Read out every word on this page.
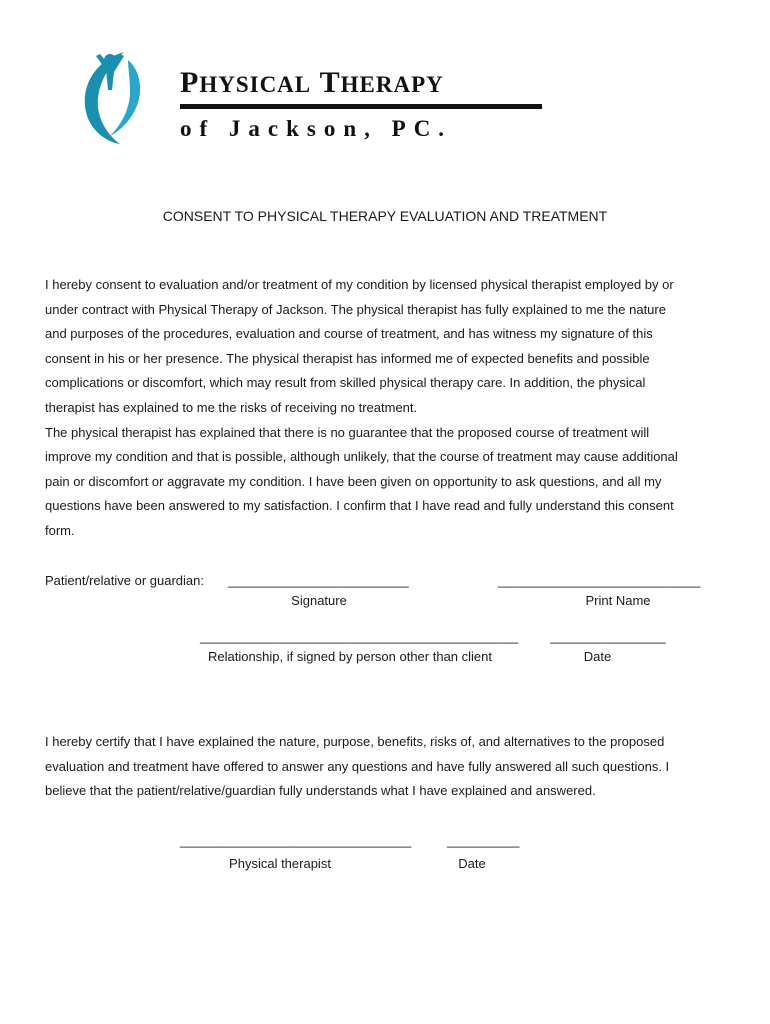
PHYSICAL THERAPY
of Jackson, PC.
CONSENT TO PHYSICAL THERAPY EVALUATION AND TREATMENT
I hereby consent to evaluation and/or treatment of my condition by licensed physical therapist employed by or
under contract with Physical Therapy of Jackson. The physical therapist has fully explained to me the nature
and purposes of the procedures, evaluation and course of treatment, and has witness my signature of this
consent in his or her presence. The physical therapist has informed me of expected benefits and possible
complications or discomfort, which may result from skilled physical therapy care. In addition, the physical
therapist has explained to me the risks of receiving no treatment.
The physical therapist has explained that there is no guarantee that the proposed course of treatment will
improve my condition and that is possible, although unlikely, that the course of treatment may cause additional
pain or discomfort or aggravate my condition. I have been given on opportunity to ask questions, and all my
questions have been answered to my satisfaction. I confirm that I have read and fully understand this consent
form.
Patient/relative or guardian: _________________________
Signature
____________________________
Print Name
____________________________________________
Relationship, if signed by person other than client
________________
Date
I hereby certify that I have explained the nature, purpose, benefits, risks of, and alternatives to the proposed
evaluation and treatment have offered to answer any questions and have fully answered all such questions. I
believe that the patient/relative/guardian fully understands what I have explained and answered.
________________________________
Physical therapist
__________
Date
